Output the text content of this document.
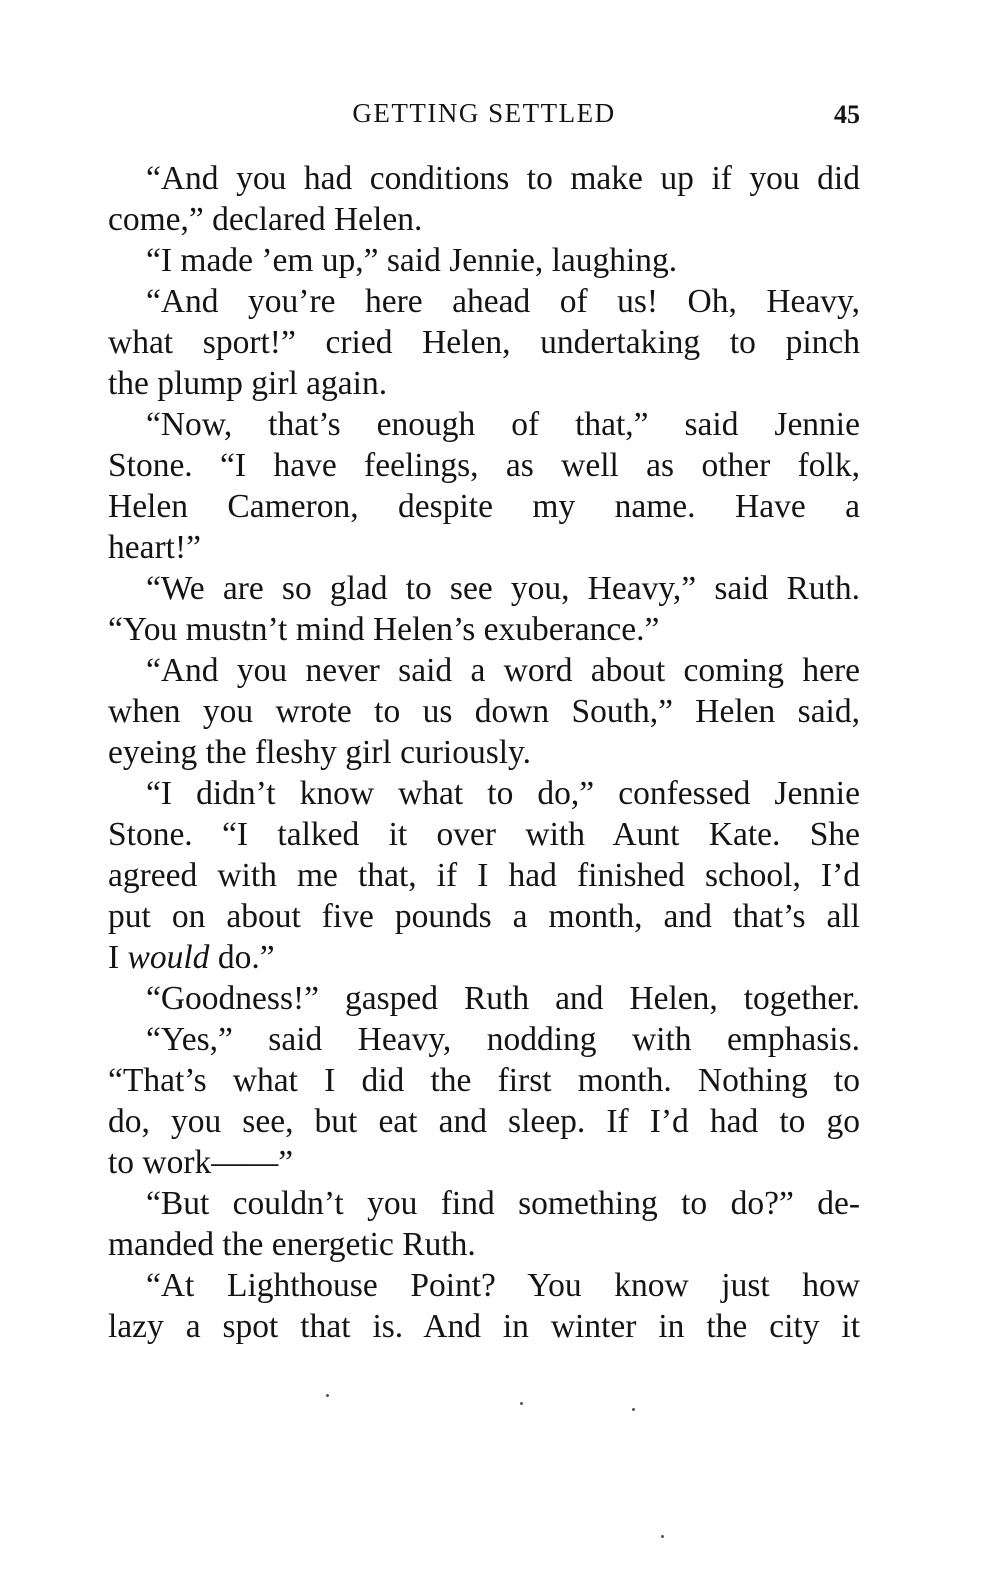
GETTING SETTLED	45
“And you had conditions to make up if you did
come,” declared Helen.
“I made ’em up,” said Jennie, laughing.
“And you’re here ahead of us! Oh, Heavy,
what sport!” cried Helen, undertaking to pinch
the plump girl again.
“Now, that’s enough of that,” said Jennie
Stone. “I have feelings, as well as other folk,
Helen Cameron, despite my name. Have a
heart!”
“We are so glad to see you, Heavy,” said Ruth.
“You mustn’t mind Helen’s exuberance.”
“And you never said a word about coming here
when you wrote to us down South,” Helen said,
eyeing the fleshy girl curiously.
“I didn’t know what to do,” confessed Jennie
Stone. “I talked it over with Aunt Kate. She
agreed with me that, if I had finished school, I’d
put on about five pounds a month, and that’s all
I would do.”
“Goodness!” gasped Ruth and Helen, together.
“Yes,” said Heavy, nodding with emphasis.
“That’s what I did the first month. Nothing to
do, you see, but eat and sleep. If I’d had to go
to work——”
“But couldn’t you find something to do?” de-
manded the energetic Ruth.
“At Lighthouse Point? You know just how
lazy a spot that is. And in winter in the city it
